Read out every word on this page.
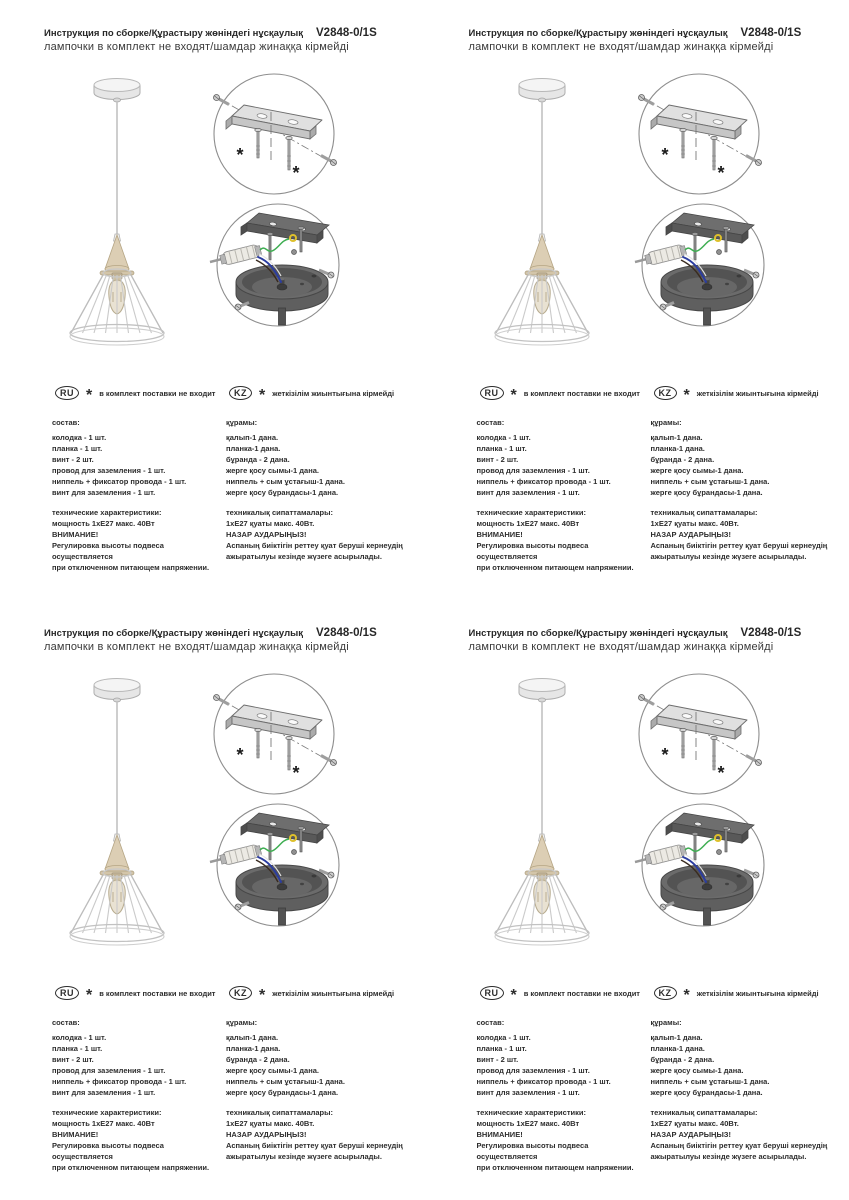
Инструкция по сборке/Құрастыру жөніндегі нұсқаулық V2848-0/1S
лампочки в комплект не входят/шамдар жинаққа кірмейді
*
*
RU * в комплект поставки не входит
состав:
колодка - 1 шт.
планка - 1 шт.
винт - 2 шт.
провод для заземления - 1 шт.
ниппель + фиксатор провода - 1 шт.
винт для заземления - 1 шт.
технические характеристики:
мощность 1хЕ27 макс. 40Вт
ВНИМАНИЕ!
Регулировка высоты подвеса осуществляется
при отключенном питающем напряжении.
KZ * жеткізілім жиынтығына кірмейді
құрамы:
қалып-1 дана.
планка-1 дана.
бұранда - 2 дана.
жерге қосу сымы-1 дана.
ниппель + сым ұстағыш-1 дана.
жерге қосу бұрандасы-1 дана.
техникалық сипаттамалары:
1хЕ27 қуаты макс. 40Вт.
НАЗАР АУДАРЫҢЫЗ!
Аспаның биіктігін реттеу қуат беруші кернеудің
ажыратылуы кезінде жүзеге асырылады.
Инструкция по сборке/Құрастыру жөніндегі нұсқаулық V2848-0/1S
лампочки в комплект не входят/шамдар жинаққа кірмейді
*
*
RU * в комплект поставки не входит
состав:
колодка - 1 шт.
планка - 1 шт.
винт - 2 шт.
провод для заземления - 1 шт.
ниппель + фиксатор провода - 1 шт.
винт для заземления - 1 шт.
технические характеристики:
мощность 1хЕ27 макс. 40Вт
ВНИМАНИЕ!
Регулировка высоты подвеса осуществляется
при отключенном питающем напряжении.
KZ * жеткізілім жиынтығына кірмейді
құрамы:
қалып-1 дана.
планка-1 дана.
бұранда - 2 дана.
жерге қосу сымы-1 дана.
ниппель + сым ұстағыш-1 дана.
жерге қосу бұрандасы-1 дана.
техникалық сипаттамалары:
1хЕ27 қуаты макс. 40Вт.
НАЗАР АУДАРЫҢЫЗ!
Аспаның биіктігін реттеу қуат беруші кернеудің
ажыратылуы кезінде жүзеге асырылады.
Инструкция по сборке/Құрастыру жөніндегі нұсқаулық V2848-0/1S
лампочки в комплект не входят/шамдар жинаққа кірмейді
*
*
RU * в комплект поставки не входит
состав:
колодка - 1 шт.
планка - 1 шт.
винт - 2 шт.
провод для заземления - 1 шт.
ниппель + фиксатор провода - 1 шт.
винт для заземления - 1 шт.
технические характеристики:
мощность 1хЕ27 макс. 40Вт
ВНИМАНИЕ!
Регулировка высоты подвеса осуществляется
при отключенном питающем напряжении.
KZ * жеткізілім жиынтығына кірмейді
құрамы:
қалып-1 дана.
планка-1 дана.
бұранда - 2 дана.
жерге қосу сымы-1 дана.
ниппель + сым ұстағыш-1 дана.
жерге қосу бұрандасы-1 дана.
техникалық сипаттамалары:
1хЕ27 қуаты макс. 40Вт.
НАЗАР АУДАРЫҢЫЗ!
Аспаның биіктігін реттеу қуат беруші кернеудің
ажыратылуы кезінде жүзеге асырылады.
Инструкция по сборке/Құрастыру жөніндегі нұсқаулық V2848-0/1S
лампочки в комплект не входят/шамдар жинаққа кірмейді
*
*
RU * в комплект поставки не входит
состав:
колодка - 1 шт.
планка - 1 шт.
винт - 2 шт.
провод для заземления - 1 шт.
ниппель + фиксатор провода - 1 шт.
винт для заземления - 1 шт.
технические характеристики:
мощность 1хЕ27 макс. 40Вт
ВНИМАНИЕ!
Регулировка высоты подвеса осуществляется
при отключенном питающем напряжении.
KZ * жеткізілім жиынтығына кірмейді
құрамы:
қалып-1 дана.
планка-1 дана.
бұранда - 2 дана.
жерге қосу сымы-1 дана.
ниппель + сым ұстағыш-1 дана.
жерге қосу бұрандасы-1 дана.
техникалық сипаттамалары:
1хЕ27 қуаты макс. 40Вт.
НАЗАР АУДАРЫҢЫЗ!
Аспаның биіктігін реттеу қуат беруші кернеудің
ажыратылуы кезінде жүзеге асырылады.
